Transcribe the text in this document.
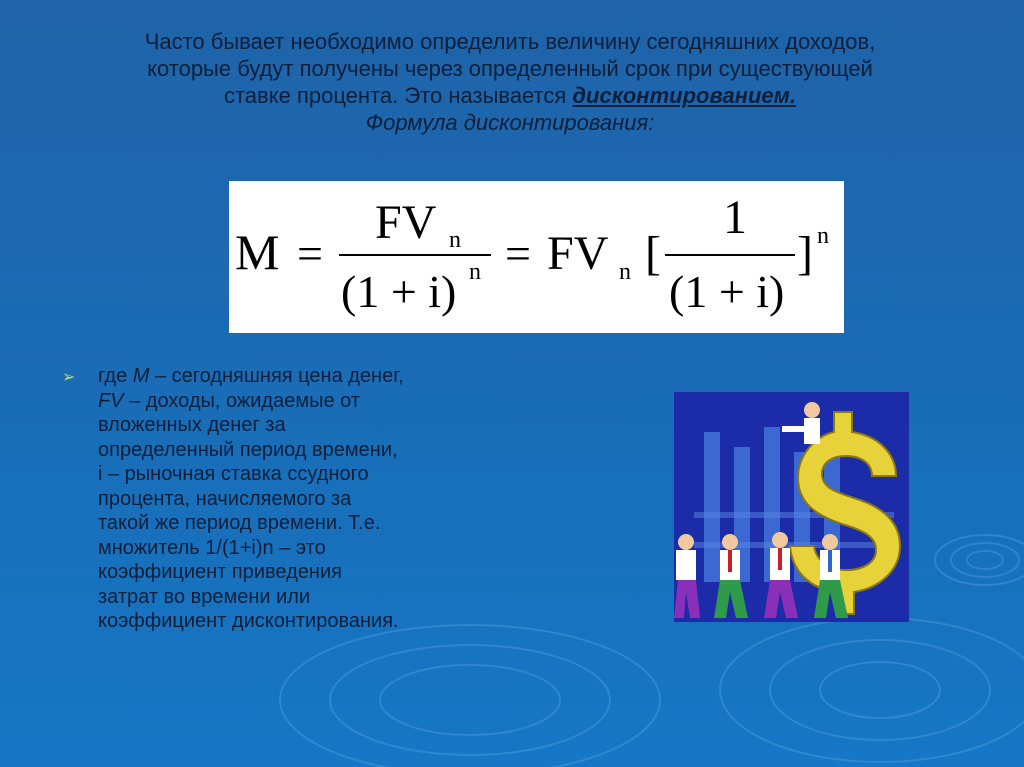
Часто бывает необходимо определить величину сегодняшних доходов,
которые будут получены через определенный срок при существующей
ставке процента. Это называется дисконтированием.
Формула дисконтирования:
M =
FV n
(1 + i) n = FV n [
1
(1 + i)
] n
➢ где M – сегодняшняя цена денег,
FV – доходы, ожидаемые от
вложенных денег за
определенный период времени,
i – рыночная ставка ссудного
процента, начисляемого за
такой же период времени. Т.е.
множитель 1/(1+i)n – это
коэффициент приведения
затрат во времени или
коэффициент дисконтирования.
